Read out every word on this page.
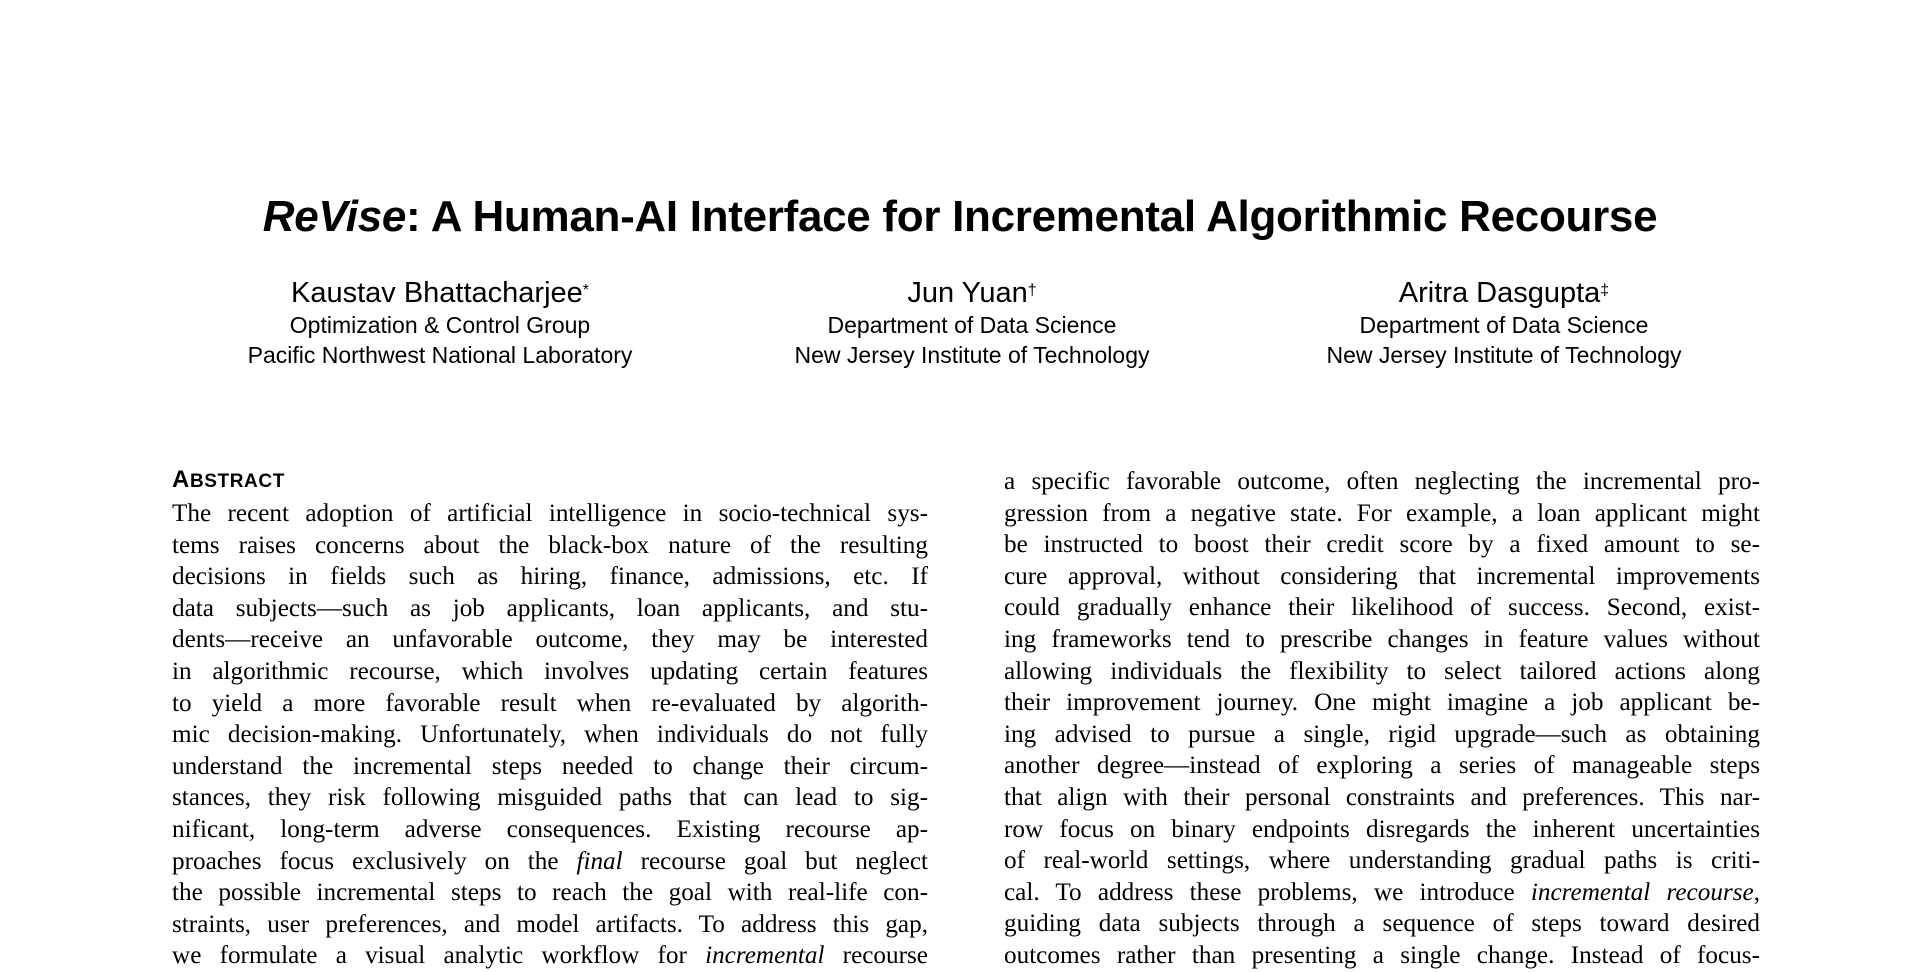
ReVise: A Human-AI Interface for Incremental Algorithmic Recourse
Kaustav Bhattacharjee*
Optimization & Control Group
Pacific Northwest National Laboratory
Jun Yuan†
Department of Data Science
New Jersey Institute of Technology
Aritra Dasgupta‡
Department of Data Science
New Jersey Institute of Technology
ABSTRACT
The recent adoption of artificial intelligence in socio-technical sys-
tems raises concerns about the black-box nature of the resulting
decisions in fields such as hiring, finance, admissions, etc. If
data subjects—such as job applicants, loan applicants, and stu-
dents—receive an unfavorable outcome, they may be interested
in algorithmic recourse, which involves updating certain features
to yield a more favorable result when re-evaluated by algorith-
mic decision-making. Unfortunately, when individuals do not fully
understand the incremental steps needed to change their circum-
stances, they risk following misguided paths that can lead to sig-
nificant, long-term adverse consequences. Existing recourse ap-
proaches focus exclusively on the final recourse goal but neglect
the possible incremental steps to reach the goal with real-life con-
straints, user preferences, and model artifacts. To address this gap,
we formulate a visual analytic workflow for incremental recourse
a specific favorable outcome, often neglecting the incremental pro-
gression from a negative state. For example, a loan applicant might
be instructed to boost their credit score by a fixed amount to se-
cure approval, without considering that incremental improvements
could gradually enhance their likelihood of success. Second, exist-
ing frameworks tend to prescribe changes in feature values without
allowing individuals the flexibility to select tailored actions along
their improvement journey. One might imagine a job applicant be-
ing advised to pursue a single, rigid upgrade—such as obtaining
another degree—instead of exploring a series of manageable steps
that align with their personal constraints and preferences. This nar-
row focus on binary endpoints disregards the inherent uncertainties
of real-world settings, where understanding gradual paths is criti-
cal. To address these problems, we introduce incremental recourse,
guiding data subjects through a sequence of steps toward desired
outcomes rather than presenting a single change. Instead of focus-
